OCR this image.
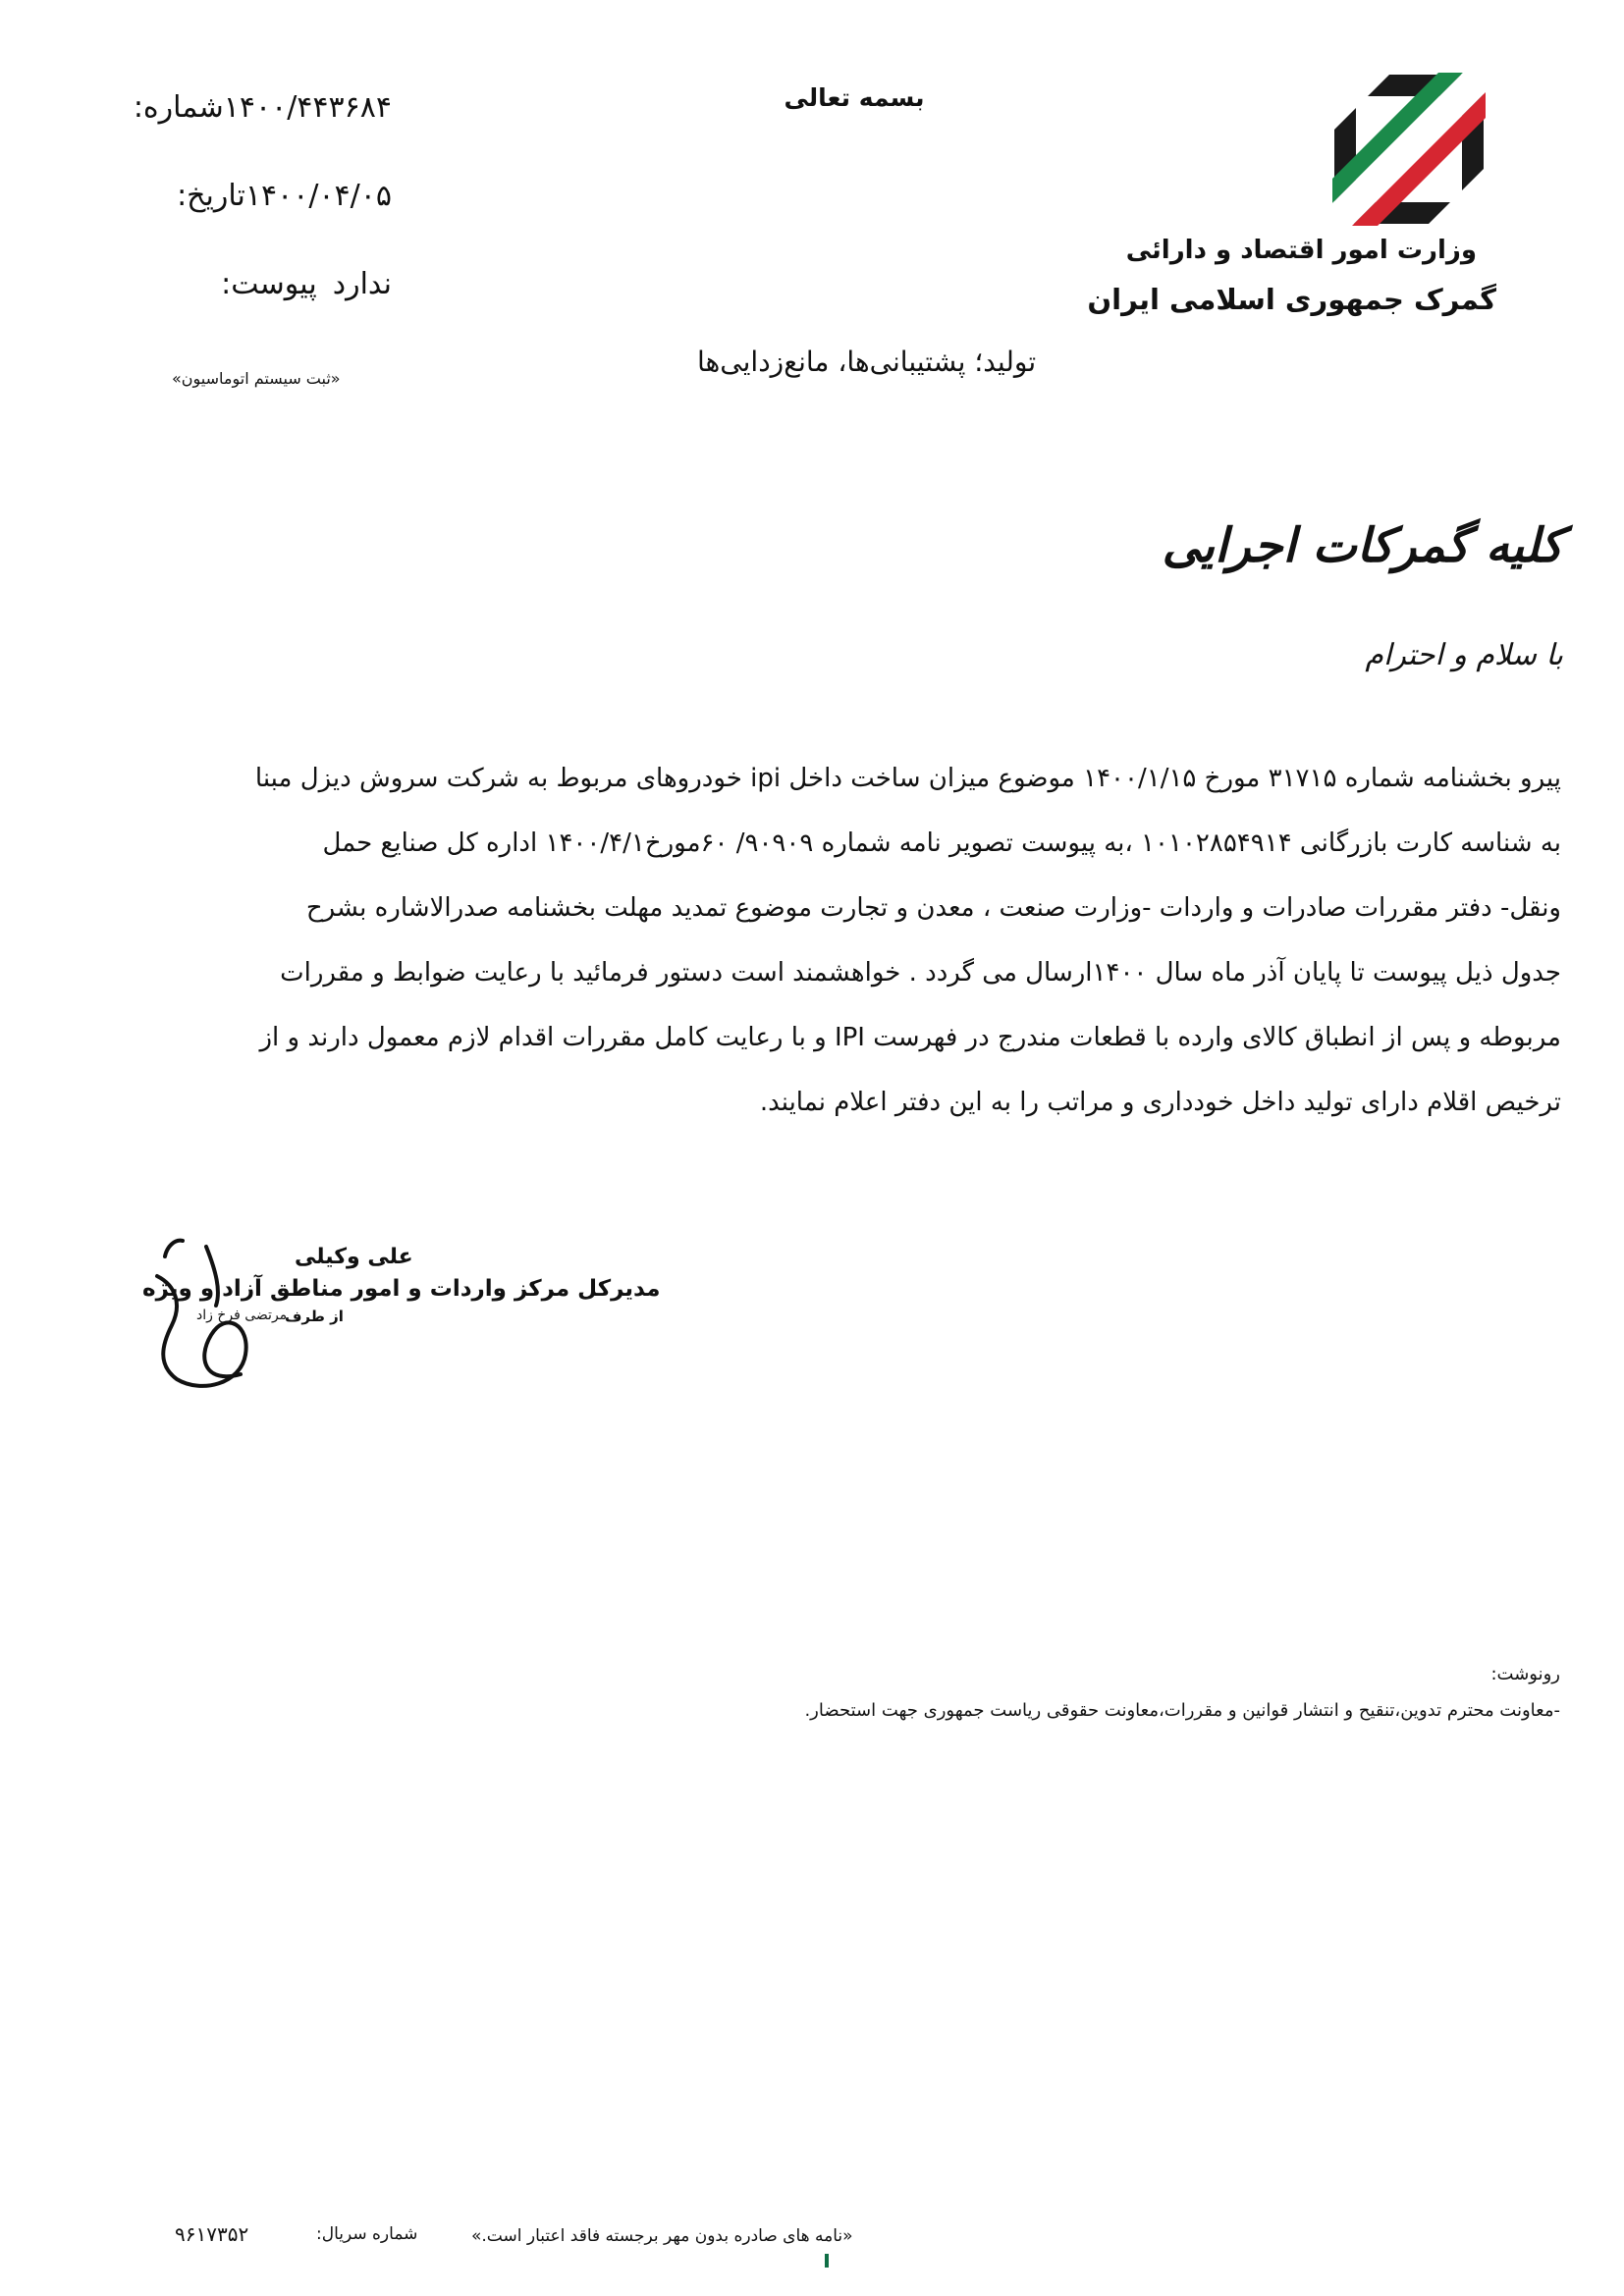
وزارت امور اقتصاد و دارائی
گمرک جمهوری اسلامی ایران
بسمه تعالی
شماره: ۱۴۰۰/۴۴۳۶۸۴
تاریخ: ۱۴۰۰/۰۴/۰۵
پیوست: ندارد
«ثبت سیستم اتوماسیون»
تولید؛ پشتیبانی‌ها، مانع‌زدایی‌ها
کلیه گمرکات اجرایی
با سلام و احترام

پیرو بخشنامه شماره ۳۱۷۱۵ مورخ ۱۴۰۰/۱/۱۵ موضوع میزان ساخت داخل ipi خودروهای مربوط به شرکت سروش دیزل مبنا
به شناسه کارت بازرگانی ۱۰۱۰۲۸۵۴۹۱۴ ،به پیوست تصویر نامه شماره ۹۰۹۰۹/ ۶۰مورخ۱۴۰۰/۴/۱ اداره کل صنایع حمل
ونقل- دفتر مقررات صادرات و واردات -وزارت صنعت ، معدن و تجارت موضوع تمدید مهلت بخشنامه صدرالاشاره بشرح
جدول ذیل پیوست تا پایان آذر ماه سال ۱۴۰۰ارسال می گردد . خواهشمند است دستور فرمائید با رعایت ضوابط و مقررات
مربوطه و پس از انطباق کالای وارده با قطعات مندرج در فهرست IPI و با رعایت کامل مقررات اقدام لازم معمول دارند و از
ترخیص اقلام دارای تولید داخل خودداری و مراتب را به این دفتر اعلام نمایند.

علی وکیلی
مدیرکل مرکز واردات و امور مناطق آزاد و ویژه
از طرف
مرتضی فرخ زاد
رونوشت:
-معاونت محترم تدوین،تنقیح و انتشار قوانین و مقررات،معاونت حقوقی ریاست جمهوری جهت استحضار.
«نامه های صادره بدون مهر برجسته فاقد اعتبار است.»
شماره سریال:
۹۶۱۷۳۵۲
